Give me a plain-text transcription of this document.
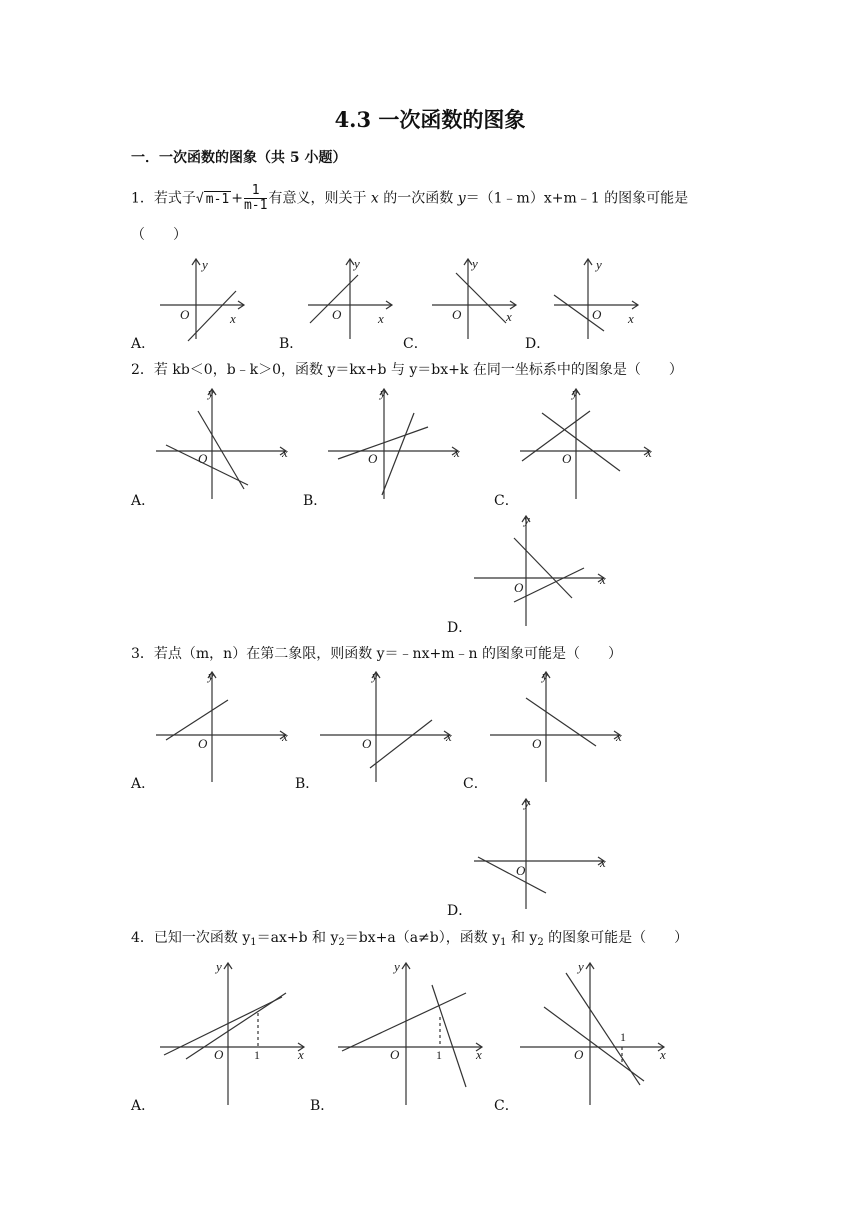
4.3 一次函数的图象
一．一次函数的图象（共 5 小题）
1．若式子√ $m-1 + \frac{1}{m-1}$ 有意义，则关于 x 的一次函数 y＝（1﹣m）x+m﹣1 的图象可能是
（　　）
y
O	x
y
O	x
y
O	x
y
O x
A．	B．	C．	D．
2．若 kb＜0，b﹣k＞0，函数 y＝kx+b 与 y＝bx+k 在同一坐标系中的图象是（　　）
y
O	x
y
O	x
y
O	x
A．	B．	C．
y
O
x
D．
3．若点（m，n）在第二象限，则函数 y＝﹣nx+m﹣n 的图象可能是（　　）
y
O	x
y
O	x
y
O	x
A．	B．	C．
y
O
x
D．
4．已知一次函数 $y_1=ax+b$ 和 $y_2=bx+a(a\ne b)$，函数 $y_1$ 和 $y_2$ 的图象可能是（　　）
y
O	1	x
y
O	1	x
y
O
1
x
A．	B．	C．
